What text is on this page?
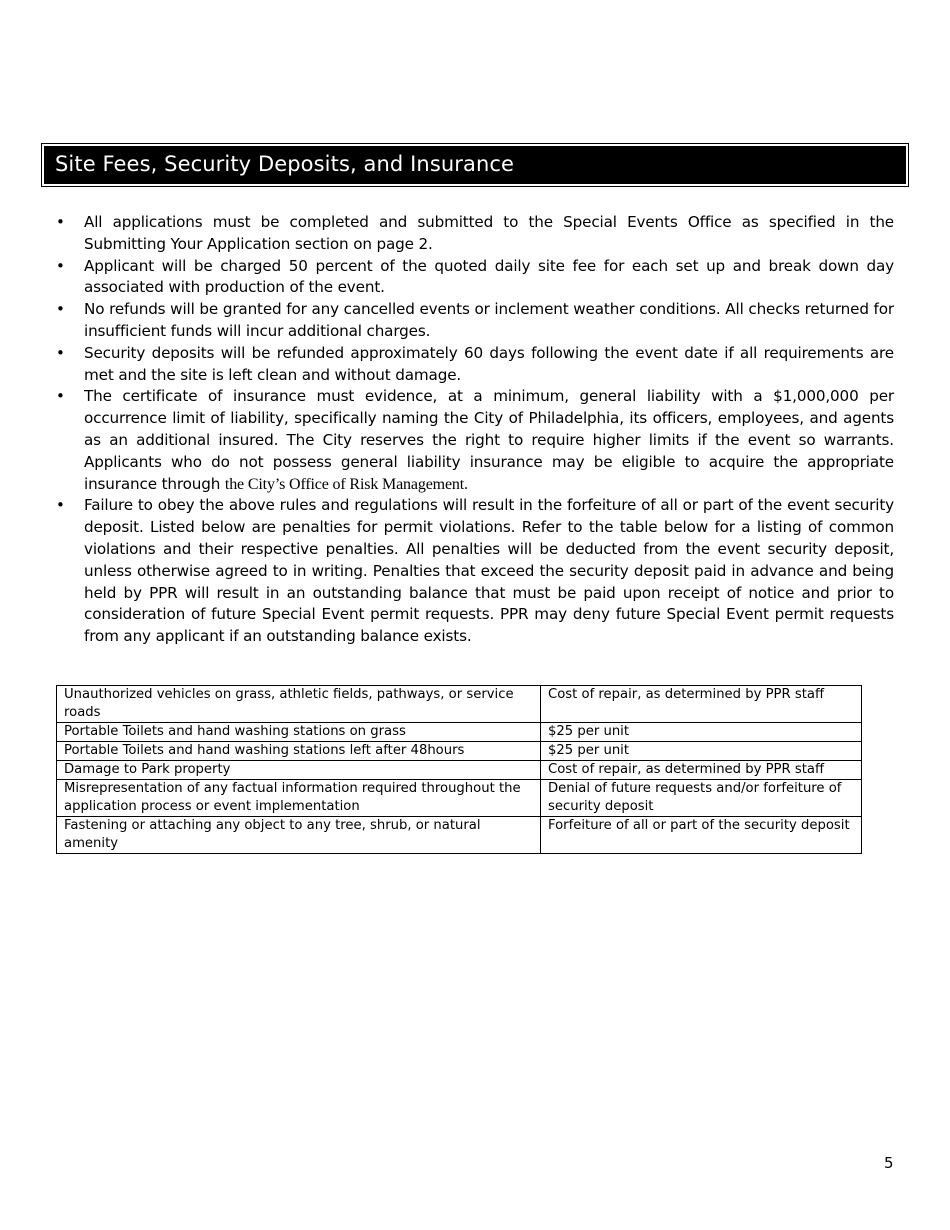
Site Fees, Security Deposits, and Insurance
• All applications must be completed and submitted to the Special Events Office as specified in the Submitting Your Application section on page 2.
• Applicant will be charged 50 percent of the quoted daily site fee for each set up and break down day associated with production of the event.
• No refunds will be granted for any cancelled events or inclement weather conditions. All checks returned for insufficient funds will incur additional charges.
• Security deposits will be refunded approximately 60 days following the event date if all requirements are met and the site is left clean and without damage.
• The certificate of insurance must evidence, at a minimum, general liability with a $1,000,000 per occurrence limit of liability, specifically naming the City of Philadelphia, its officers, employees, and agents as an additional insured. The City reserves the right to require higher limits if the event so warrants. Applicants who do not possess general liability insurance may be eligible to acquire the appropriate insurance through the City’s Office of Risk Management.
• Failure to obey the above rules and regulations will result in the forfeiture of all or part of the event security deposit. Listed below are penalties for permit violations. Refer to the table below for a listing of common violations and their respective penalties. All penalties will be deducted from the event security deposit, unless otherwise agreed to in writing. Penalties that exceed the security deposit paid in advance and being held by PPR will result in an outstanding balance that must be paid upon receipt of notice and prior to consideration of future Special Event permit requests. PPR may deny future Special Event permit requests from any applicant if an outstanding balance exists.
Unauthorized vehicles on grass, athletic fields, pathways, or service roads	Cost of repair, as determined by PPR staff
Portable Toilets and hand washing stations on grass	$25 per unit
Portable Toilets and hand washing stations left after 48hours	$25 per unit
Damage to Park property	Cost of repair, as determined by PPR staff
Misrepresentation of any factual information required throughout the application process or event implementation	Denial of future requests and/or forfeiture of security deposit
Fastening or attaching any object to any tree, shrub, or natural amenity	Forfeiture of all or part of the security deposit
5
